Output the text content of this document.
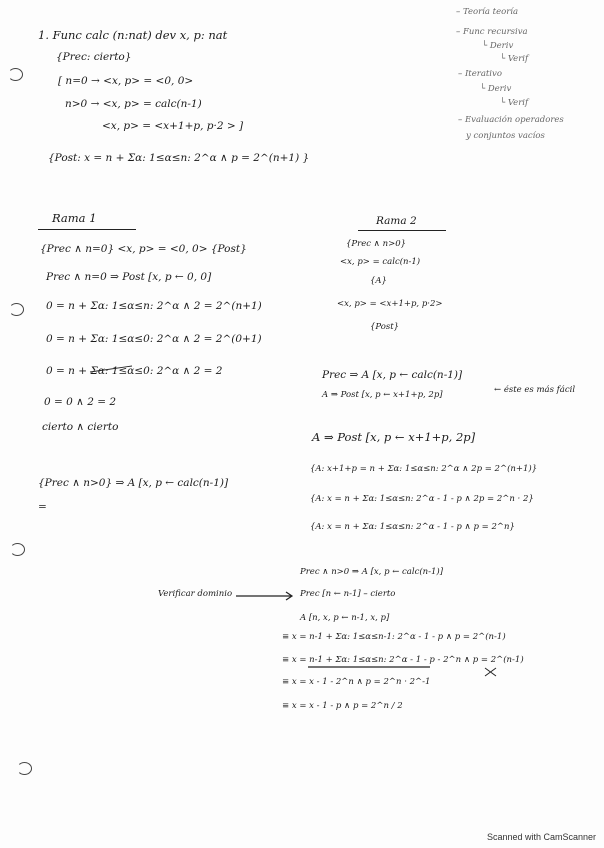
1. Func calc (n:nat) dev x, p: nat
{Prec: cierto}
[ n=0 → <x, p> = <0, 0>
n>0 → <x, p> = calc(n-1)
<x, p> = <x+1+p, p·2 > ]
{Post: x = n + Σα: 1≤α≤n: 2^α ∧ p = 2^(n+1) }
– Teoría teoría
– Func recursiva
└ Deriv
└ Verif
– Iterativo
└ Deriv
└ Verif
– Evaluación operadores
y conjuntos vacíos
Rama 1
{Prec ∧ n=0} <x, p> = <0, 0> {Post}
Prec ∧ n=0 ⇒ Post [x, p ← 0, 0]
0 = n + Σα: 1≤α≤n: 2^α ∧ 2 = 2^(n+1)
0 = n + Σα: 1≤α≤0: 2^α ∧ 2 = 2^(0+1)
0 = n + Σα: 1≤α≤0: 2^α ∧ 2 = 2
0 = 0 ∧ 2 = 2
cierto ∧ cierto
{Prec ∧ n>0} ⇒ A [x, p ← calc(n-1)]
=
Rama 2
{Prec ∧ n>0}
<x, p> = calc(n-1)
{A}
<x, p> = <x+1+p, p·2>
{Post}
Prec ⇒ A [x, p ← calc(n-1)]
A ⇒ Post [x, p ← x+1+p, 2p]	← éste es más fácil
A ⇒ Post [x, p ← x+1+p, 2p]
{A: x+1+p = n + Σα: 1≤α≤n: 2^α ∧ 2p = 2^(n+1)}
{A: x = n + Σα: 1≤α≤n: 2^α - 1 - p ∧ 2p = 2^n · 2}
{A: x = n + Σα: 1≤α≤n: 2^α - 1 - p ∧ p = 2^n}
Prec ∧ n>0 ⇒ A [x, p ← calc(n-1)]
Verificar dominio	Prec [n ← n-1] – cierto
A [n, x, p ← n-1, x, p]
≡ x = n-1 + Σα: 1≤α≤n-1: 2^α - 1 - p ∧ p = 2^(n-1)
≡ x = n-1 + Σα: 1≤α≤n: 2^α - 1 - p - 2^n ∧ p = 2^(n-1)
≡ x = x - 1 - 2^n ∧ p = 2^n · 2^-1
≡ x = x - 1 - p ∧ p = 2^n / 2
Scanned with CamScanner
